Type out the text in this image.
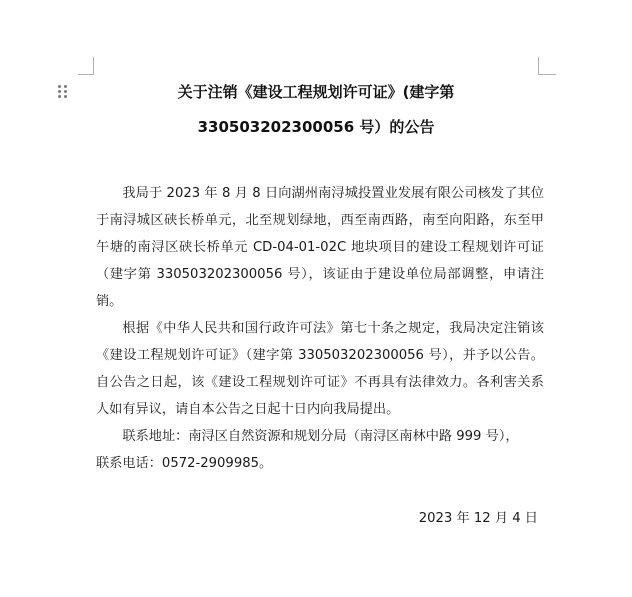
关于注销《建设工程规划许可证》(建字第
330503202300056 号）的公告

我局于 2023 年 8 月 8 日向湖州南浔城投置业发展有限公司核发了其位于南浔城区硖长桥单元，北至规划绿地，西至南西路，南至向阳路，东至甲午塘的南浔区硖长桥单元 CD-04-01-02C 地块项目的建设工程规划许可证（建字第 330503202300056 号），该证由于建设单位局部调整，申请注销。

根据《中华人民共和国行政许可法》第七十条之规定，我局决定注销该《建设工程规划许可证》（建字第 330503202300056 号），并予以公告。自公告之日起，该《建设工程规划许可证》不再具有法律效力。各利害关系人如有异议，请自本公告之日起十日内向我局提出。

联系地址：南浔区自然资源和规划分局（南浔区南林中路 999 号），

联系电话：0572-2909985。

2023 年 12 月 4 日
